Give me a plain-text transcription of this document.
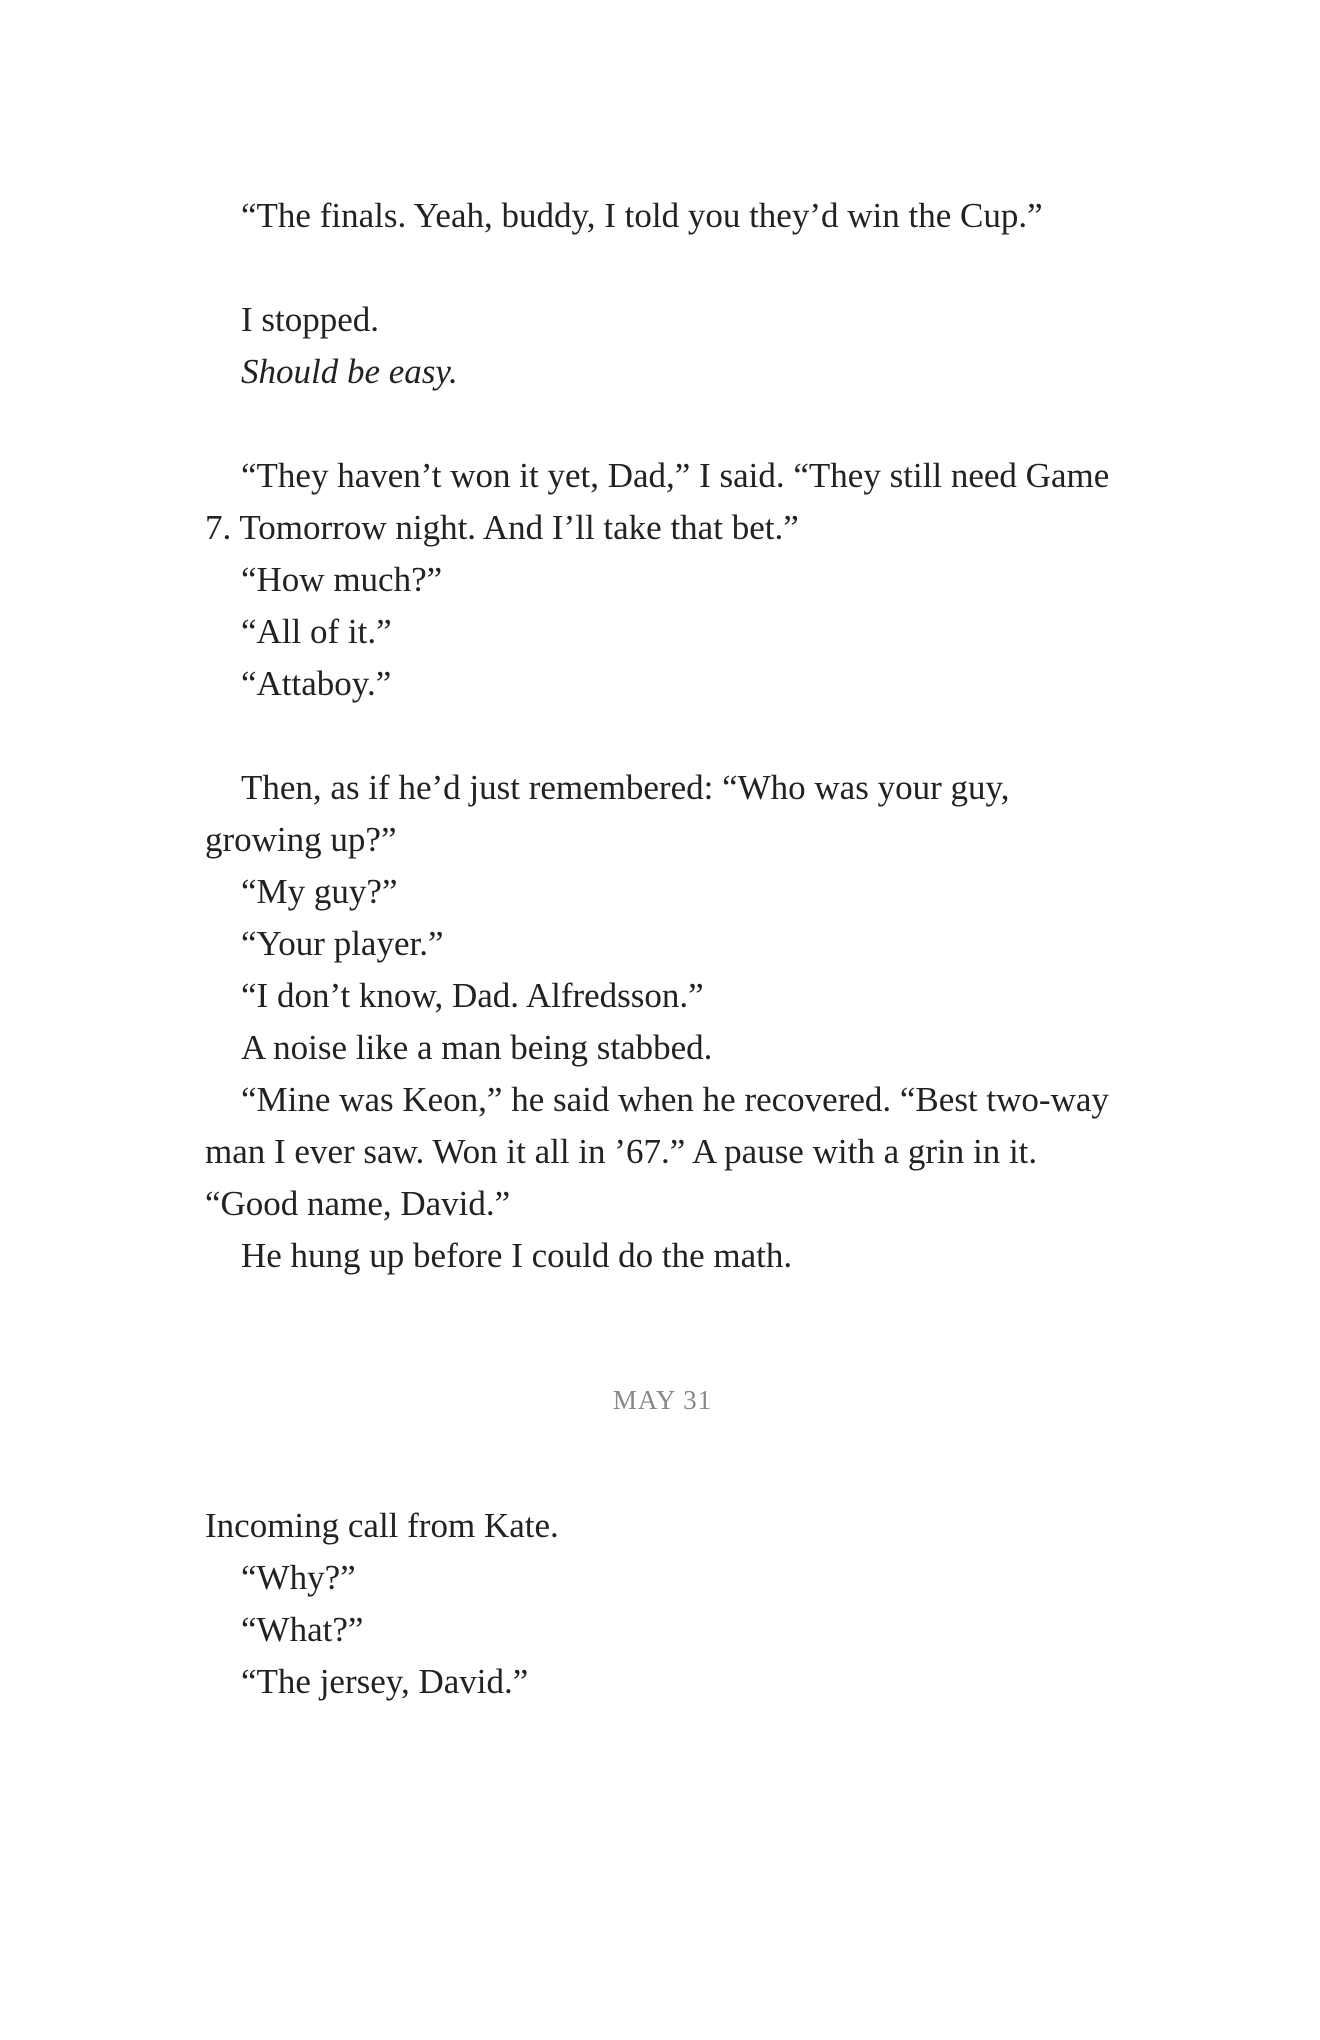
“The finals. Yeah, buddy, I told you they’d win the Cup.”

I stopped.

Should be easy.

“They haven’t won it yet, Dad,” I said. “They still need Game 7. Tomorrow night. And I’ll take that bet.”

“How much?”

“All of it.”

“Attaboy.”

Then, as if he’d just remembered: “Who was your guy, growing up?”

“My guy?”

“Your player.”

“I don’t know, Dad. Alfredsson.”

A noise like a man being stabbed.

“Mine was Keon,” he said when he recovered. “Best two-way man I ever saw. Won it all in ’67.” A pause with a grin in it. “Good name, David.”

He hung up before I could do the math.

MAY 31

Incoming call from Kate.

“Why?”

“What?”

“The jersey, David.”
